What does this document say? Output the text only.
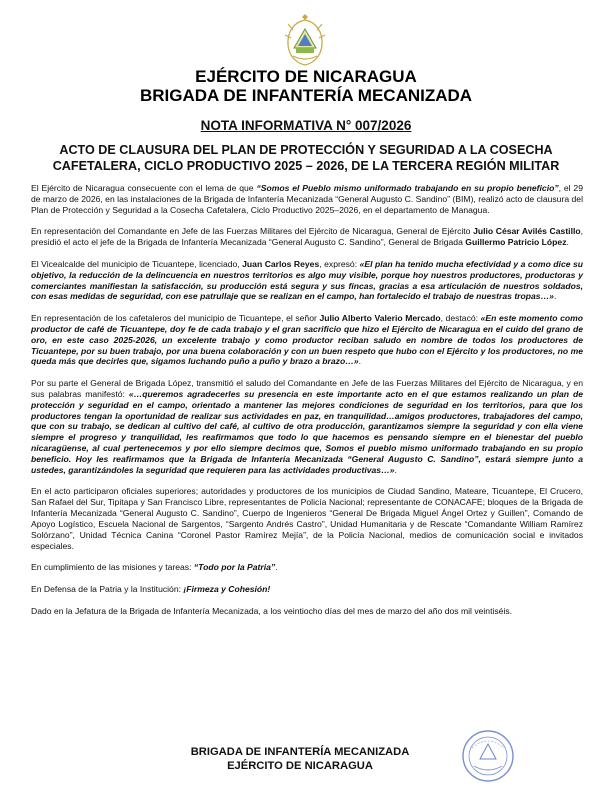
EJÉRCITO DE NICARAGUA
BRIGADA DE INFANTERÍA MECANIZADA
NOTA INFORMATIVA N° 007/2026
ACTO DE CLAUSURA DEL PLAN DE PROTECCIÓN Y SEGURIDAD A LA COSECHA CAFETALERA, CICLO PRODUCTIVO 2025 – 2026, DE LA TERCERA REGIÓN MILITAR

El Ejército de Nicaragua consecuente con el lema de que “Somos el Pueblo mismo uniformado trabajando en su propio beneficio”, el 29 de marzo de 2026, en las instalaciones de la Brigada de Infantería Mecanizada “General Augusto C. Sandino” (BIM), realizó acto de clausura del Plan de Protección y Seguridad a la Cosecha Cafetalera, Ciclo Productivo 2025–2026, en el departamento de Managua.

En representación del Comandante en Jefe de las Fuerzas Militares del Ejército de Nicaragua, General de Ejército Julio César Avilés Castillo, presidió el acto el jefe de la Brigada de Infantería Mecanizada “General Augusto C. Sandino”, General de Brigada Guillermo Patricio López.

El Vicealcalde del municipio de Ticuantepe, licenciado, Juan Carlos Reyes, expresó: «El plan ha tenido mucha efectividad y a como dice su objetivo, la reducción de la delincuencia en nuestros territorios es algo muy visible, porque hoy nuestros productores, productoras y comerciantes manifiestan la satisfacción, su producción está segura y sus fincas, gracias a esa articulación de nuestros soldados, con esas medidas de seguridad, con ese patrullaje que se realizan en el campo, han fortalecido el trabajo de nuestras tropas…».

En representación de los cafetaleros del municipio de Ticuantepe, el señor Julio Alberto Valerio Mercado, destacó: «En este momento como productor de café de Ticuantepe, doy fe de cada trabajo y el gran sacrificio que hizo el Ejército de Nicaragua en el cuido del grano de oro, en este caso 2025-2026, un excelente trabajo y como productor reciban saludo en nombre de todos los productores de Ticuantepe, por su buen trabajo, por una buena colaboración y con un buen respeto que hubo con el Ejército y los productores, no me queda más que decirles que, sigamos luchando puño a puño y brazo a brazo…».

Por su parte el General de Brigada López, transmitió el saludo del Comandante en Jefe de las Fuerzas Militares del Ejército de Nicaragua, y en sus palabras manifestó: «…queremos agradecerles su presencia en este importante acto en el que estamos realizando un plan de protección y seguridad en el campo, orientado a mantener las mejores condiciones de seguridad en los territorios, para que los productores tengan la oportunidad de realizar sus actividades en paz, en tranquilidad…amigos productores, trabajadores del campo, que con su trabajo, se dedican al cultivo del café, al cultivo de otra producción, garantizamos siempre la seguridad y con ella viene siempre el progreso y tranquilidad, les reafirmamos que todo lo que hacemos es pensando siempre en el bienestar del pueblo nicaragüense, al cual pertenecemos y por ello siempre decimos que, Somos el pueblo mismo uniformado trabajando en su propio beneficio. Hoy les reafirmamos que la Brigada de Infantería Mecanizada “General Augusto C. Sandino”, estará siempre junto a ustedes, garantizándoles la seguridad que requieren para las actividades productivas…».

En el acto participaron oficiales superiores; autoridades y productores de los municipios de Ciudad Sandino, Mateare, Ticuantepe, El Crucero, San Rafael del Sur, Tipitapa y San Francisco Libre, representantes de Policía Nacional; representante de CONACAFE; bloques de la Brigada de Infantería Mecanizada “General Augusto C. Sandino”, Cuerpo de Ingenieros “General De Brigada Miguel Ángel Ortez y Guillen”, Comando de Apoyo Logístico, Escuela Nacional de Sargentos, “Sargento Andrés Castro”, Unidad Humanitaria y de Rescate “Comandante William Ramírez Solórzano”, Unidad Técnica Canina “Coronel Pastor Ramírez Mejía”, de la Policía Nacional, medios de comunicación social e invitados especiales.

En cumplimiento de las misiones y tareas: “Todo por la Patria”.

En Defensa de la Patria y la Institución: ¡Firmeza y Cohesión!

Dado en la Jefatura de la Brigada de Infantería Mecanizada, a los veintiocho días del mes de marzo del año dos mil veintiséis.

BRIGADA DE INFANTERÍA MECANIZADA
EJÉRCITO DE NICARAGUA
